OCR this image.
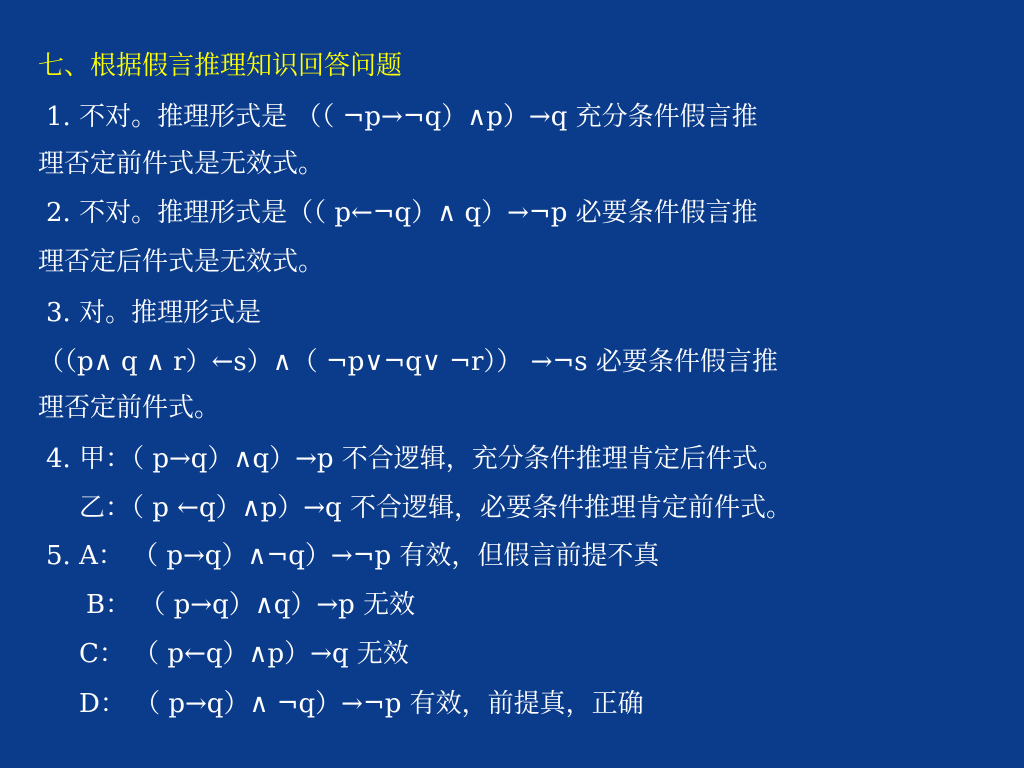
七、根据假言推理知识回答问题
1. 不对。推理形式是 （（ ¬p→¬q）∧p）→q 充分条件假言推
理否定前件式是无效式。
2. 不对。推理形式是（（ p←¬q）∧ q）→¬p 必要条件假言推
理否定后件式是无效式。
3. 对。推理形式是
（（p∧ q ∧ r）←s）∧（ ¬p∨¬q∨ ¬r）） →¬s 必要条件假言推
理否定前件式。
4. 甲：（ p→q）∧q）→p 不合逻辑，充分条件推理肯定后件式。
乙：（ p ←q）∧p）→q 不合逻辑，必要条件推理肯定前件式。
5. A： （ p→q）∧¬q）→¬p 有效，但假言前提不真
B： （ p→q）∧q）→p 无效
C： （ p←q）∧p）→q 无效
D： （ p→q）∧ ¬q）→¬p 有效，前提真，正确
